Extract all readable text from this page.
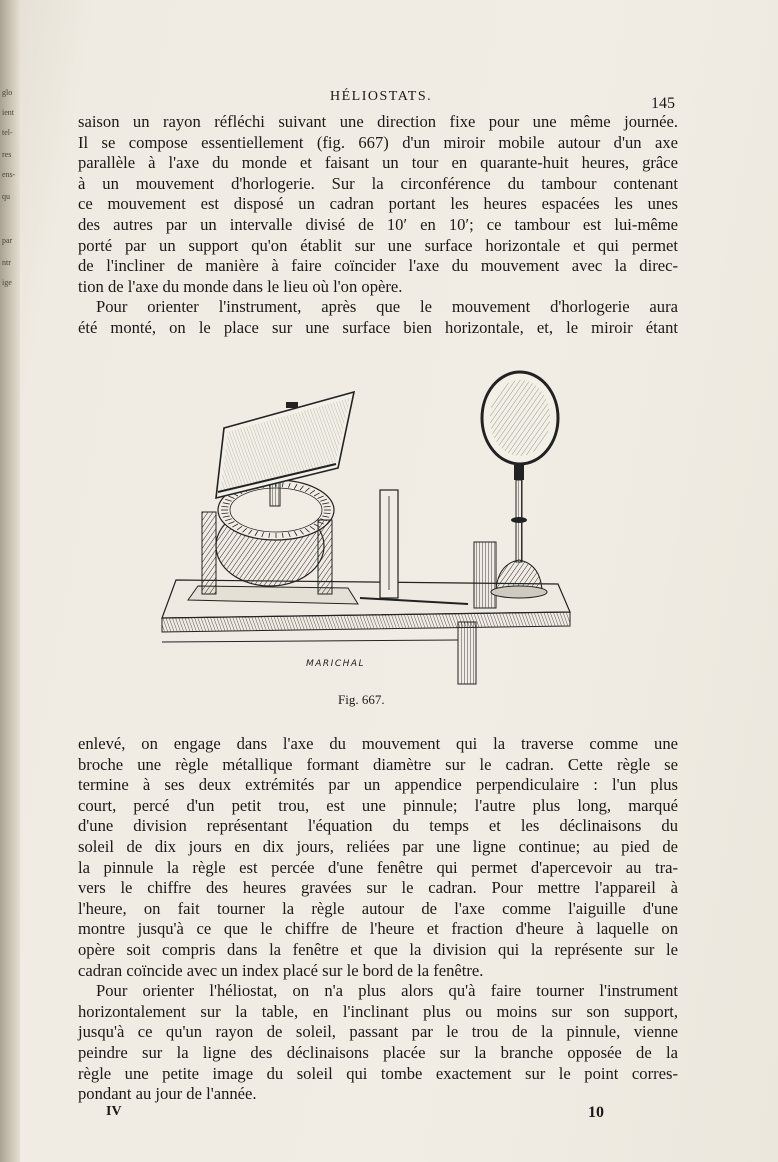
glo
ient
tel-
res
ens-
qu
par
ntr
ige
HÉLIOSTATS.	145
saison un rayon réfléchi suivant une direction fixe pour une même journée.
Il se compose essentiellement (fig. 667) d'un miroir mobile autour d'un axe
parallèle à l'axe du monde et faisant un tour en quarante-huit heures, grâce
à un mouvement d'horlogerie. Sur la circonférence du tambour contenant
ce mouvement est disposé un cadran portant les heures espacées les unes
des autres par un intervalle divisé de 10′ en 10′; ce tambour est lui-même
porté par un support qu'on établit sur une surface horizontale et qui permet
de l'incliner de manière à faire coïncider l'axe du mouvement avec la direc-
tion de l'axe du monde dans le lieu où l'on opère.
Pour orienter l'instrument, après que le mouvement d'horlogerie aura
été monté, on le place sur une surface bien horizontale, et, le miroir étant
MARICHAL
Fig. 667.
enlevé, on engage dans l'axe du mouvement qui la traverse comme une
broche une règle métallique formant diamètre sur le cadran. Cette règle se
termine à ses deux extrémités par un appendice perpendiculaire : l'un plus
court, percé d'un petit trou, est une pinnule; l'autre plus long, marqué
d'une division représentant l'équation du temps et les déclinaisons du
soleil de dix jours en dix jours, reliées par une ligne continue; au pied de
la pinnule la règle est percée d'une fenêtre qui permet d'apercevoir au tra-
vers le chiffre des heures gravées sur le cadran. Pour mettre l'appareil à
l'heure, on fait tourner la règle autour de l'axe comme l'aiguille d'une
montre jusqu'à ce que le chiffre de l'heure et fraction d'heure à laquelle on
opère soit compris dans la fenêtre et que la division qui la représente sur le
cadran coïncide avec un index placé sur le bord de la fenêtre.
Pour orienter l'héliostat, on n'a plus alors qu'à faire tourner l'instrument
horizontalement sur la table, en l'inclinant plus ou moins sur son support,
jusqu'à ce qu'un rayon de soleil, passant par le trou de la pinnule, vienne
peindre sur la ligne des déclinaisons placée sur la branche opposée de la
règle une petite image du soleil qui tombe exactement sur le point corres-
pondant au jour de l'année.
IV	10
